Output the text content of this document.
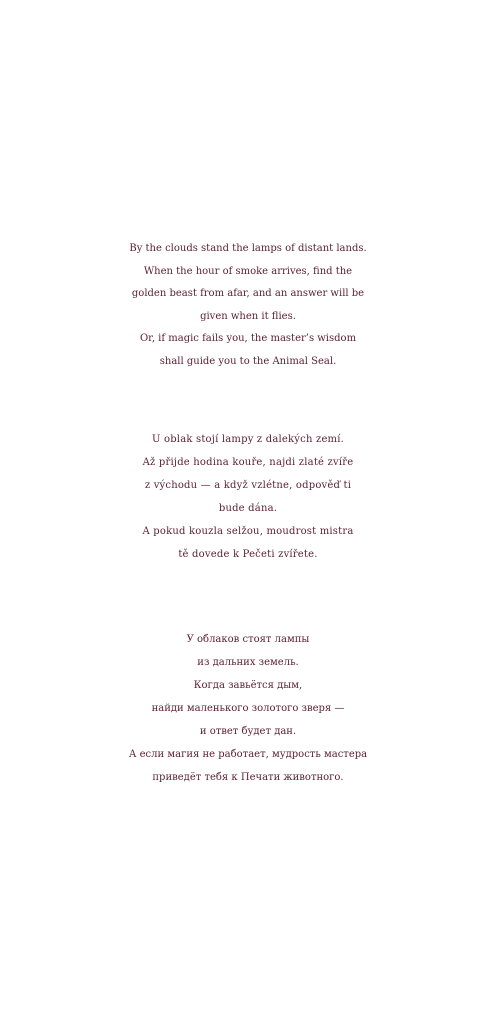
By the clouds stand the lamps of distant lands.
When the hour of smoke arrives, find the
golden beast from afar, and an answer will be
given when it flies.
Or, if magic fails you, the master’s wisdom
shall guide you to the Animal Seal.
U oblak stojí lampy z dalekých zemí.
Až přijde hodina kouře, najdi zlaté zvíře
z východu — a když vzlétne, odpověď ti
bude dána.
A pokud kouzla selžou, moudrost mistra
tě dovede k Pečeti zvířete.
У облаков стоят лампы
из дальних земель.
Когда завьётся дым,
найди маленького золотого зверя —
и ответ будет дан.
А если магия не работает, мудрость мастера
приведёт тебя к Печати животного.
